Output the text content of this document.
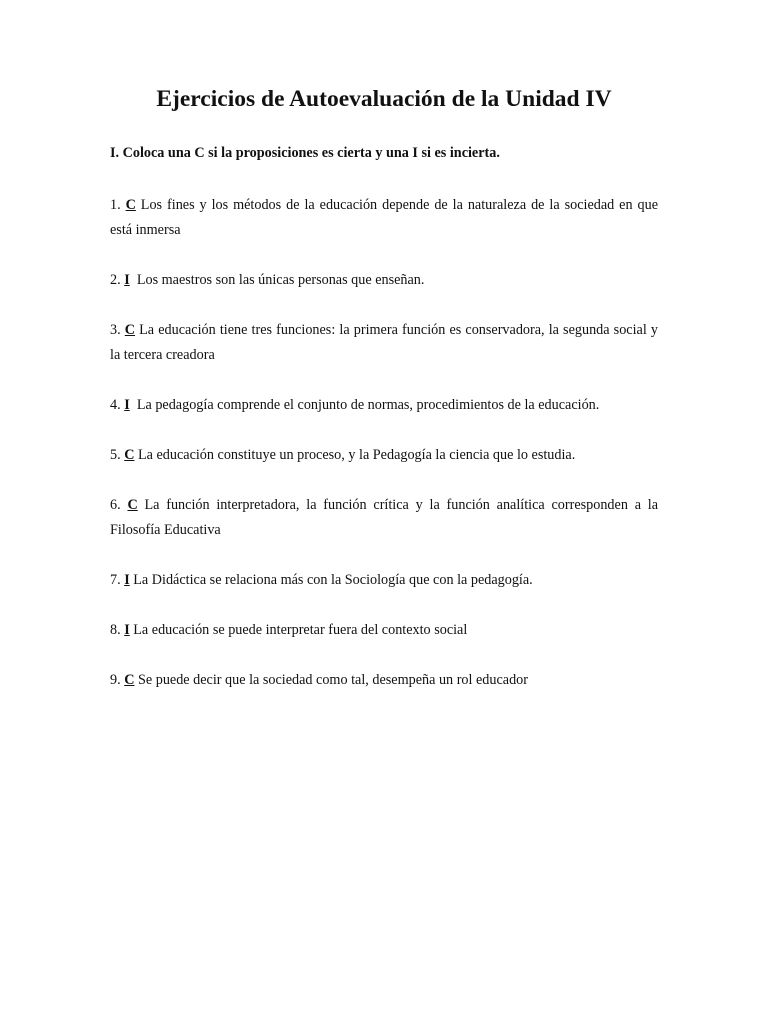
Ejercicios de Autoevaluación de la Unidad IV

I. Coloca una C si la proposiciones es cierta y una I si es incierta.

1. C Los fines y los métodos de la educación depende de la naturaleza de la sociedad en que está inmersa
2. I Los maestros son las únicas personas que enseñan.
3. C La educación tiene tres funciones: la primera función es conservadora, la segunda social y la tercera creadora
4. I La pedagogía comprende el conjunto de normas, procedimientos de la educación.
5. C La educación constituye un proceso, y la Pedagogía la ciencia que lo estudia.
6. C La función interpretadora, la función crítica y la función analítica corresponden a la Filosofía Educativa
7. I La Didáctica se relaciona más con la Sociología que con la pedagogía.
8. I La educación se puede interpretar fuera del contexto social
9. C Se puede decir que la sociedad como tal, desempeña un rol educador
